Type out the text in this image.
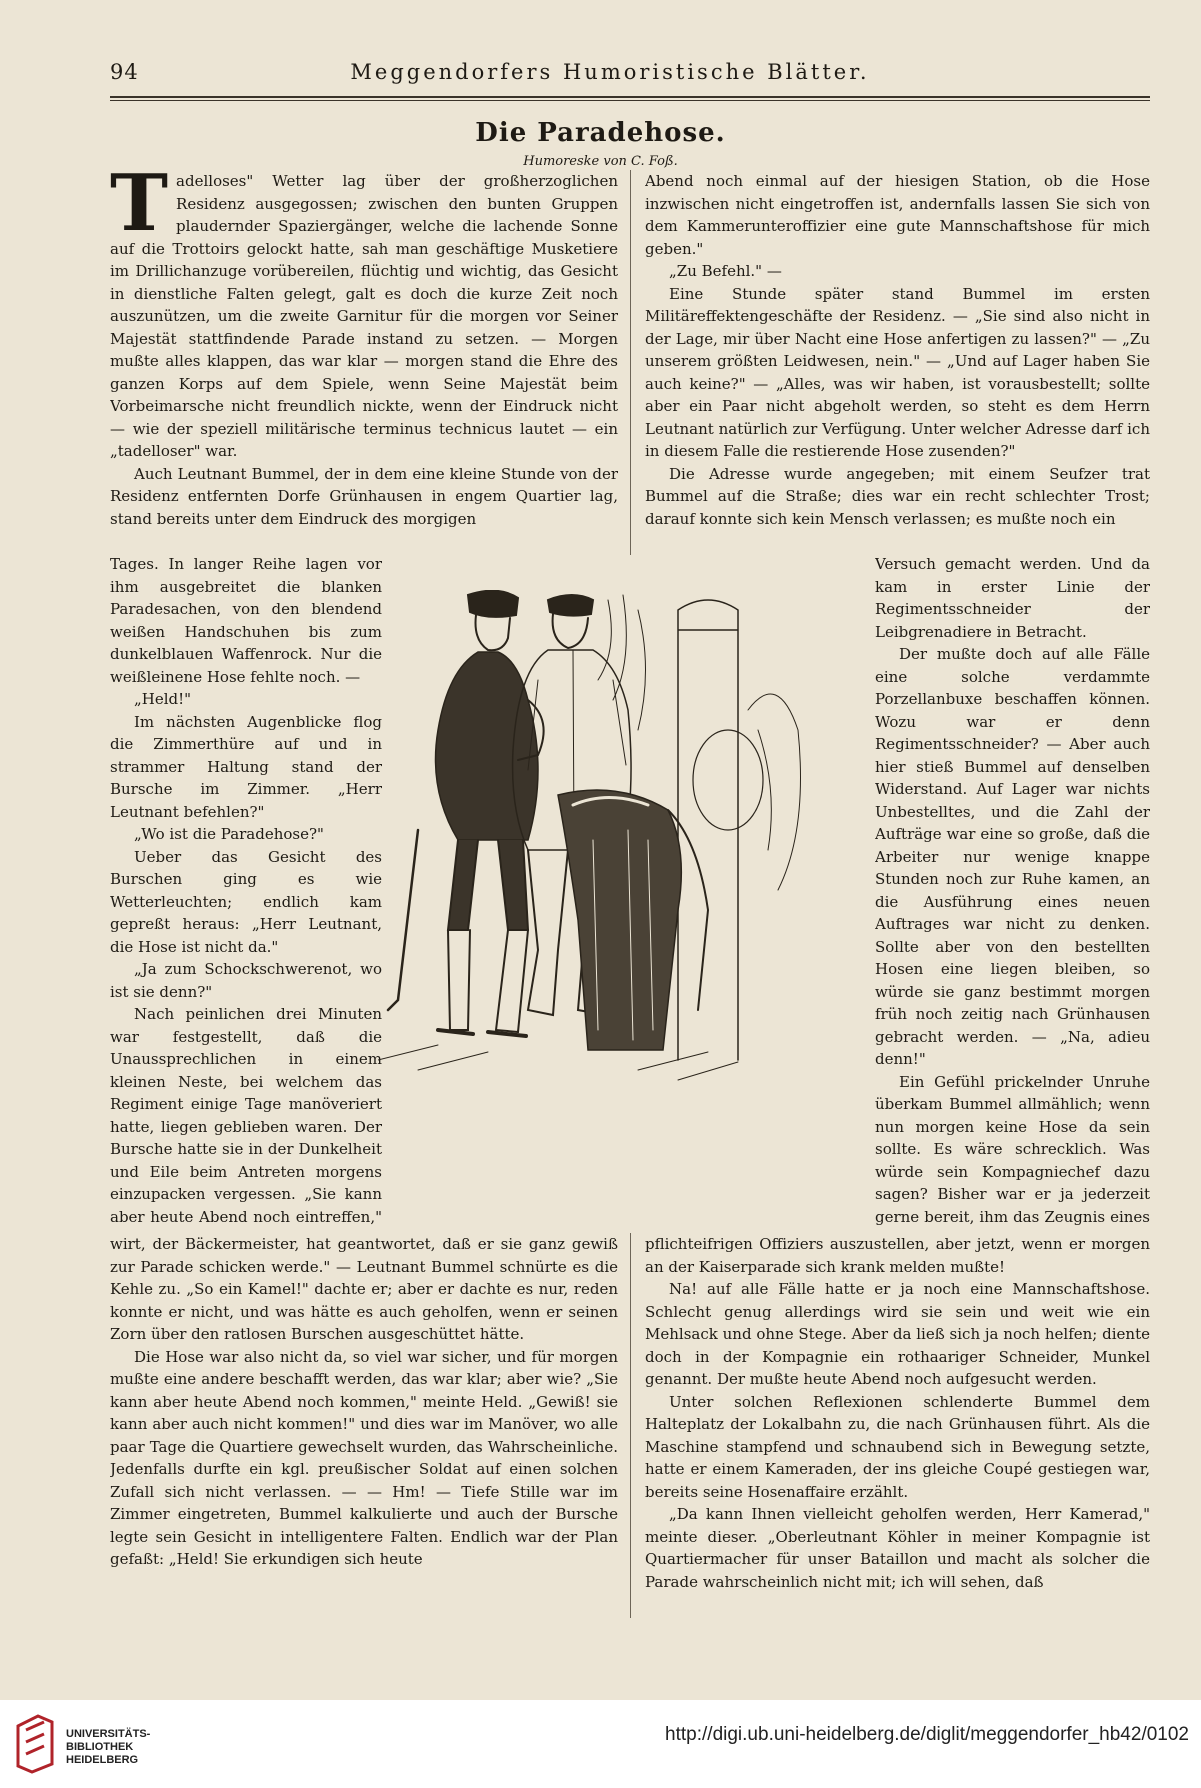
94	Meggendorfers Humoristische Blätter.
Die Paradehose.
Humoreske von C. Foß.
T adelloses" Wetter lag über der großherzoglichen Residenz ausgegossen; zwischen den bunten Gruppen plaudernder Spaziergänger, welche die lachende Sonne auf die Trottoirs gelockt hatte, sah man geschäftige Musketiere im Drillichanzuge vorübereilen, flüchtig und wichtig, das Gesicht in dienstliche Falten gelegt, galt es doch die kurze Zeit noch auszunützen, um die zweite Garnitur für die morgen vor Seiner Majestät stattfindende Parade instand zu setzen. — Morgen mußte alles klappen, das war klar — morgen stand die Ehre des ganzen Korps auf dem Spiele, wenn Seine Majestät beim Vorbeimarsche nicht freundlich nickte, wenn der Eindruck nicht — wie der speziell militärische terminus technicus lautet — ein „tadelloser" war.

Auch Leutnant Bummel, der in dem eine kleine Stunde von der Residenz entfernten Dorfe Grünhausen in engem Quartier lag, stand bereits unter dem Eindruck des morgigen

Abend noch einmal auf der hiesigen Station, ob die Hose inzwischen nicht eingetroffen ist, andernfalls lassen Sie sich von dem Kammerunteroffizier eine gute Mannschaftshose für mich geben."

„Zu Befehl." —

Eine Stunde später stand Bummel im ersten Militäreffektengeschäfte der Residenz. — „Sie sind also nicht in der Lage, mir über Nacht eine Hose anfertigen zu lassen?" — „Zu unserem größten Leidwesen, nein." — „Und auf Lager haben Sie auch keine?" — „Alles, was wir haben, ist vorausbestellt; sollte aber ein Paar nicht abgeholt werden, so steht es dem Herrn Leutnant natürlich zur Verfügung. Unter welcher Adresse darf ich in diesem Falle die restierende Hose zusenden?"

Die Adresse wurde angegeben; mit einem Seufzer trat Bummel auf die Straße; dies war ein recht schlechter Trost; darauf konnte sich kein Mensch verlassen; es mußte noch ein

Tages. In langer Reihe lagen vor ihm ausgebreitet die blanken Paradesachen, von den blendend weißen Handschuhen bis zum dunkelblauen Waffenrock. Nur die weißleinene Hose fehlte noch. —

„Held!"

Im nächsten Augenblicke flog die Zimmerthüre auf und in strammer Haltung stand der Bursche im Zimmer. „Herr Leutnant befehlen?"

„Wo ist die Paradehose?"

Ueber das Gesicht des Burschen ging es wie Wetterleuchten; endlich kam gepreßt heraus: „Herr Leutnant, die Hose ist nicht da."

„Ja zum Schockschwerenot, wo ist sie denn?"

Nach peinlichen drei Minuten war festgestellt, daß die Unaussprechlichen in einem kleinen Neste, bei welchem das Regiment einige Tage manöveriert hatte, liegen geblieben waren. Der Bursche hatte sie in der Dunkelheit und Eile beim Antreten morgens einzupacken vergessen. „Sie kann aber heute Abend noch eintreffen,"

Versuch gemacht werden. Und da kam in erster Linie der Regimentsschneider der Leibgrenadiere in Betracht.

Der mußte doch auf alle Fälle eine solche verdammte Porzellanbuxe beschaffen können. Wozu war er denn Regimentsschneider? — Aber auch hier stieß Bummel auf denselben Widerstand. Auf Lager war nichts Unbestelltes, und die Zahl der Aufträge war eine so große, daß die Arbeiter nur wenige knappe Stunden noch zur Ruhe kamen, an die Ausführung eines neuen Auftrages war nicht zu denken. Sollte aber von den bestellten Hosen eine liegen bleiben, so würde sie ganz bestimmt morgen früh noch zeitig nach Grünhausen gebracht werden. — „Na, adieu denn!"

Ein Gefühl prickelnder Unruhe überkam Bummel allmählich; wenn nun morgen keine Hose da sein sollte. Es wäre schrecklich. Was würde sein Kompagniechef dazu sagen? Bisher war er ja jederzeit gerne bereit, ihm das Zeugnis eines

wirt, der Bäckermeister, hat geantwortet, daß er sie ganz gewiß zur Parade schicken werde." — Leutnant Bummel schnürte es die Kehle zu. „So ein Kamel!" dachte er; aber er dachte es nur, reden konnte er nicht, und was hätte es auch geholfen, wenn er seinen Zorn über den ratlosen Burschen ausgeschüttet hätte.

Die Hose war also nicht da, so viel war sicher, und für morgen mußte eine andere beschafft werden, das war klar; aber wie? „Sie kann aber heute Abend noch kommen," meinte Held. „Gewiß! sie kann aber auch nicht kommen!" und dies war im Manöver, wo alle paar Tage die Quartiere gewechselt wurden, das Wahrscheinliche. Jedenfalls durfte ein kgl. preußischer Soldat auf einen solchen Zufall sich nicht verlassen. — — Hm! — Tiefe Stille war im Zimmer eingetreten, Bummel kalkulierte und auch der Bursche legte sein Gesicht in intelligentere Falten. Endlich war der Plan gefaßt: „Held! Sie erkundigen sich heute

pflichteifrigen Offiziers auszustellen, aber jetzt, wenn er morgen an der Kaiserparade sich krank melden mußte!

Na! auf alle Fälle hatte er ja noch eine Mannschaftshose. Schlecht genug allerdings wird sie sein und weit wie ein Mehlsack und ohne Stege. Aber da ließ sich ja noch helfen; diente doch in der Kompagnie ein rothaariger Schneider, Munkel genannt. Der mußte heute Abend noch aufgesucht werden.

Unter solchen Reflexionen schlenderte Bummel dem Halteplatz der Lokalbahn zu, die nach Grünhausen führt. Als die Maschine stampfend und schnaubend sich in Bewegung setzte, hatte er einem Kameraden, der ins gleiche Coupé gestiegen war, bereits seine Hosenaffaire erzählt.

„Da kann Ihnen vielleicht geholfen werden, Herr Kamerad," meinte dieser. „Oberleutnant Köhler in meiner Kompagnie ist Quartiermacher für unser Bataillon und macht als solcher die Parade wahrscheinlich nicht mit; ich will sehen, daß

UNIVERSITÄTS-
BIBLIOTHEK
HEIDELBERG
http://digi.ub.uni-heidelberg.de/diglit/meggendorfer_hb42/0102
